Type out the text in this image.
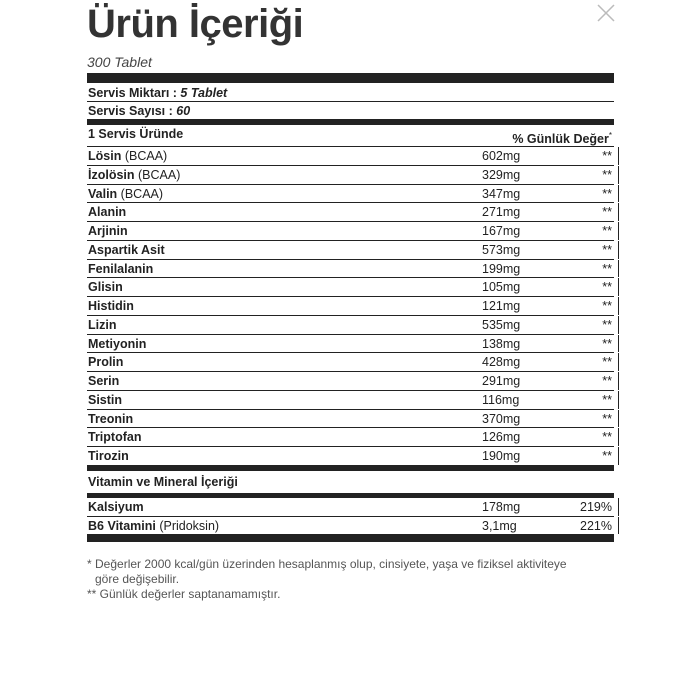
Ürün İçeriği
300 Tablet
Servis Miktarı : 5 Tablet
Servis Sayısı : 60
1 Servis Üründe	% Günlük Değer*
Lösin (BCAA)	602mg	**
İzolösin (BCAA)	329mg	**
Valin (BCAA)	347mg	**
Alanin	271mg	**
Arjinin	167mg	**
Aspartik Asit	573mg	**
Fenilalanin	199mg	**
Glisin	105mg	**
Histidin	121mg	**
Lizin	535mg	**
Metiyonin	138mg	**
Prolin	428mg	**
Serin	291mg	**
Sistin	116mg	**
Treonin	370mg	**
Triptofan	126mg	**
Tirozin	190mg	**
Vitamin ve Mineral İçeriği
Kalsiyum	178mg	219%
B6 Vitamini (Pridoksin)	3,1mg	221%

* Değerler 2000 kcal/gün üzerinden hesaplanmış olup, cinsiyete, yaşa ve fiziksel aktiviteye

göre değişebilir.

** Günlük değerler saptanamamıştır.
